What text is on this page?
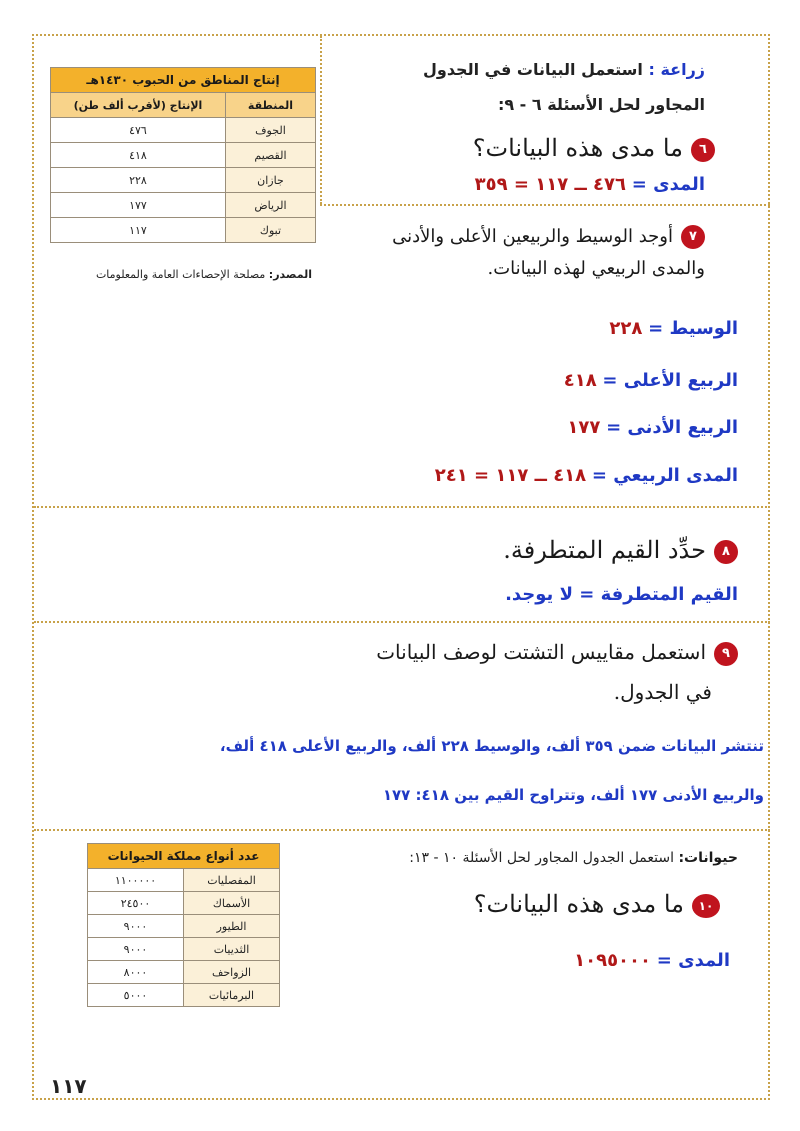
زراعة : استعمل البيانات في الجدول
المجاور لحل الأسئلة ٦ - ٩:
إنتاج المناطق من الحبوب ١٤٣٠هـ	
المنطقة	الإنتاج (لأقرب ألف طن)
الجوف	٤٧٦
القصيم	٤١٨
جازان	٢٢٨
الرياض	١٧٧
تبوك	١١٧
المصدر: مصلحة الإحصاءات العامة والمعلومات
٦ما مدى هذه البيانات؟
المدى = ٤٧٦ ــ ١١٧ = ٣٥٩
٧أوجد الوسيط والربيعين الأعلى والأدنى
والمدى الربيعي لهذه البيانات.
الوسيط = ٢٢٨
الربيع الأعلى = ٤١٨
الربيع الأدنى = ١٧٧
المدى الربيعي = ٤١٨ ــ ١١٧ = ٢٤١
٨حدِّد القيم المتطرفة.
القيم المتطرفة = لا يوجد.
٩استعمل مقاييس التشتت لوصف البيانات
في الجدول.
تنتشر البيانات ضمن ٣٥٩ ألف، والوسيط ٢٢٨ ألف، والربيع الأعلى ٤١٨ ألف،
والربيع الأدنى ١٧٧ ألف، وتتراوح القيم بين ٤١٨: ١٧٧
حيوانات: استعمل الجدول المجاور لحل الأسئلة ١٠ - ١٣:
عدد أنواع مملكة الحيوانات	
المفصليات	١١٠٠٠٠٠
الأسماك	٢٤٥٠٠
الطيور	٩٠٠٠
الثدييات	٩٠٠٠
الزواحف	٨٠٠٠
البرمائيات	٥٠٠٠
١٠ما مدى هذه البيانات؟
المدى = ١٠٩٥٠٠٠
١١٧
